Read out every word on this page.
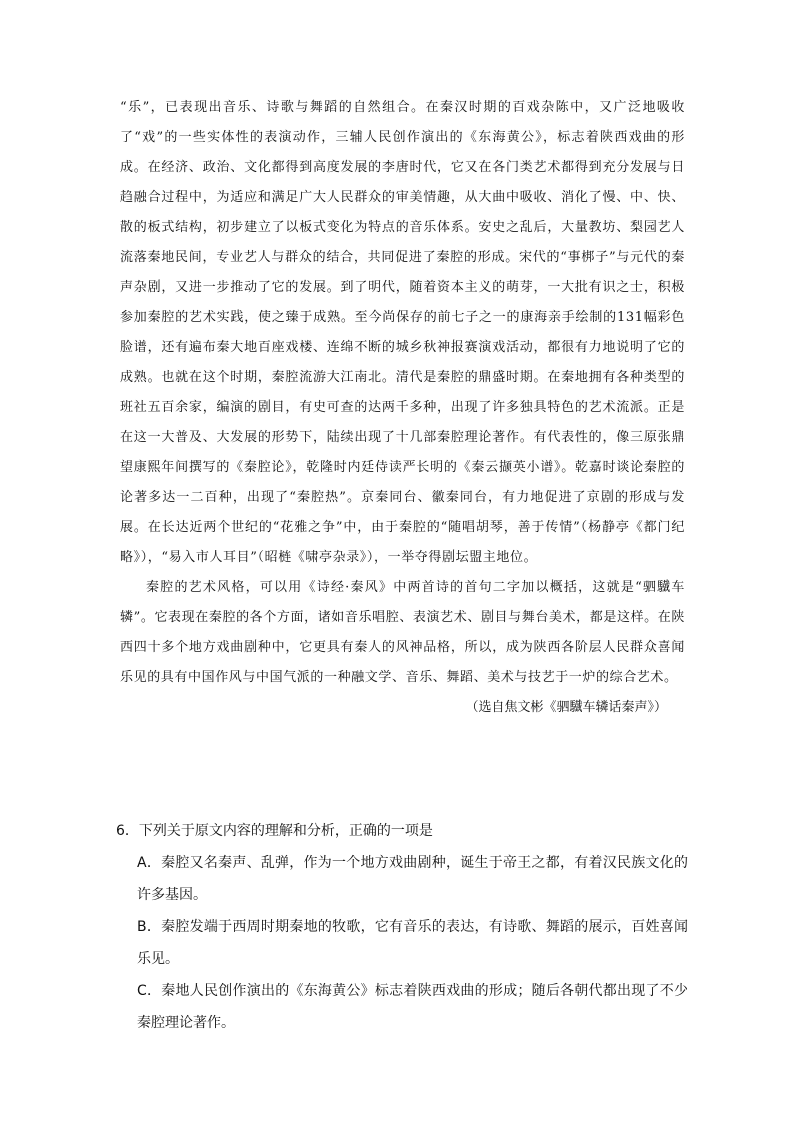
“乐”，已表现出音乐、诗歌与舞蹈的自然组合。在秦汉时期的百戏杂陈中，又广泛地吸收了“戏”的一些实体性的表演动作，三辅人民创作演出的《东海黄公》，标志着陕西戏曲的形成。在经济、政治、文化都得到高度发展的李唐时代，它又在各门类艺术都得到充分发展与日趋融合过程中，为适应和满足广大人民群众的审美情趣，从大曲中吸收、消化了慢、中、快、散的板式结构，初步建立了以板式变化为特点的音乐体系。安史之乱后，大量教坊、梨园艺人流落秦地民间，专业艺人与群众的结合，共同促进了秦腔的形成。宋代的“事梆子”与元代的秦声杂剧，又进一步推动了它的发展。到了明代，随着资本主义的萌芽，一大批有识之士，积极参加秦腔的艺术实践，使之臻于成熟。至今尚保存的前七子之一的康海亲手绘制的131幅彩色脸谱，还有遍布秦大地百座戏楼、连绵不断的城乡秋神报赛演戏活动，都很有力地说明了它的成熟。也就在这个时期，秦腔流游大江南北。清代是秦腔的鼎盛时期。在秦地拥有各种类型的班社五百余家，编演的剧目，有史可查的达两千多种，出现了许多独具特色的艺术流派。正是在这一大普及、大发展的形势下，陆续出现了十几部秦腔理论著作。有代表性的，像三原张鼎望康熙年间撰写的《秦腔论》，乾隆时内廷侍读严长明的《秦云撷英小谱》。乾嘉时谈论秦腔的论著多达一二百种，出现了“秦腔热”。京秦同台、徽秦同台，有力地促进了京剧的形成与发展。在长达近两个世纪的“花雅之争”中，由于秦腔的“随唱胡琴，善于传情”（杨静亭《都门纪略》），“易入市人耳目”（昭梿《啸亭杂录》），一举夺得剧坛盟主地位。

秦腔的艺术风格，可以用《诗经·秦风》中两首诗的首句二字加以概括，这就是“驷驖车辚”。它表现在秦腔的各个方面，诸如音乐唱腔、表演艺术、剧目与舞台美术，都是这样。在陕西四十多个地方戏曲剧种中，它更具有秦人的风神品格，所以，成为陕西各阶层人民群众喜闻乐见的具有中国作风与中国气派的一种融文学、音乐、舞蹈、美术与技艺于一炉的综合艺术。

（选自焦文彬《驷驖车辚话秦声》）

6．下列关于原文内容的理解和分析，正确的一项是

A．秦腔又名秦声、乱弹，作为一个地方戏曲剧种，诞生于帝王之都，有着汉民族文化的许多基因。

B．秦腔发端于西周时期秦地的牧歌，它有音乐的表达，有诗歌、舞蹈的展示，百姓喜闻乐见。

C．秦地人民创作演出的《东海黄公》标志着陕西戏曲的形成；随后各朝代都出现了不少秦腔理论著作。
